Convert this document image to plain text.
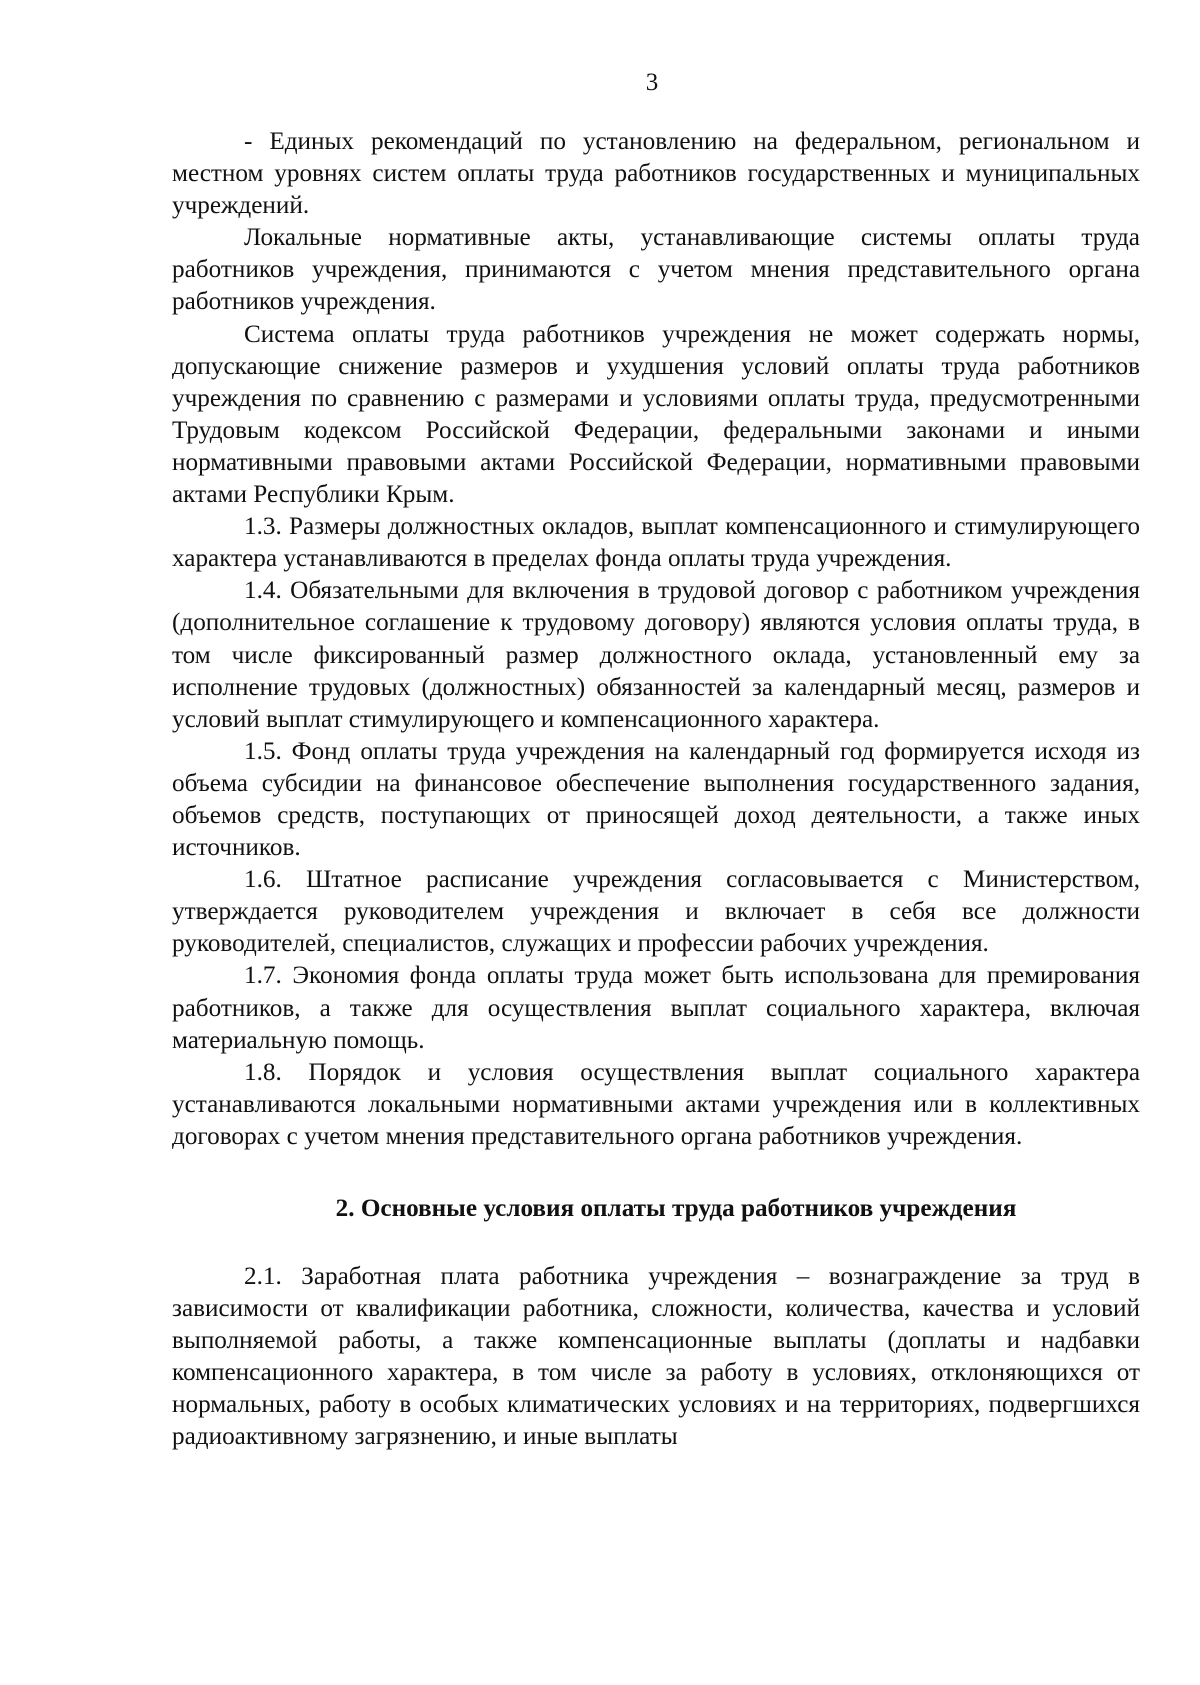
3

- Единых рекомендаций по установлению на федеральном, региональном и местном уровнях систем оплаты труда работников государственных и муниципальных учреждений.

Локальные нормативные акты, устанавливающие системы оплаты труда работников учреждения, принимаются с учетом мнения представительного органа работников учреждения.

Система оплаты труда работников учреждения не может содержать нормы, допускающие снижение размеров и ухудшения условий оплаты труда работников учреждения по сравнению с размерами и условиями оплаты труда, предусмотренными Трудовым кодексом Российской Федерации, федеральными законами и иными нормативными правовыми актами Российской Федерации, нормативными правовыми актами Республики Крым.

1.3. Размеры должностных окладов, выплат компенсационного и стимулирующего характера устанавливаются в пределах фонда оплаты труда учреждения.

1.4. Обязательными для включения в трудовой договор с работником учреждения (дополнительное соглашение к трудовому договору) являются условия оплаты труда, в том числе фиксированный размер должностного оклада, установленный ему за исполнение трудовых (должностных) обязанностей за календарный месяц, размеров и условий выплат стимулирующего и компенсационного характера.

1.5. Фонд оплаты труда учреждения на календарный год формируется исходя из объема субсидии на финансовое обеспечение выполнения государственного задания, объемов средств, поступающих от приносящей доход деятельности, а также иных источников.

1.6. Штатное расписание учреждения согласовывается с Министерством, утверждается руководителем учреждения и включает в себя все должности руководителей, специалистов, служащих и профессии рабочих учреждения.

1.7. Экономия фонда оплаты труда может быть использована для премирования работников, а также для осуществления выплат социального характера, включая материальную помощь.

1.8. Порядок и условия осуществления выплат социального характера устанавливаются локальными нормативными актами учреждения или в коллективных договорах с учетом мнения представительного органа работников учреждения.

2. Основные условия оплаты труда работников учреждения

2.1. Заработная плата работника учреждения – вознаграждение за труд в зависимости от квалификации работника, сложности, количества, качества и условий выполняемой работы, а также компенсационные выплаты (доплаты и надбавки компенсационного характера, в том числе за работу в условиях, отклоняющихся от нормальных, работу в особых климатических условиях и на территориях, подвергшихся радиоактивному загрязнению, и иные выплаты
